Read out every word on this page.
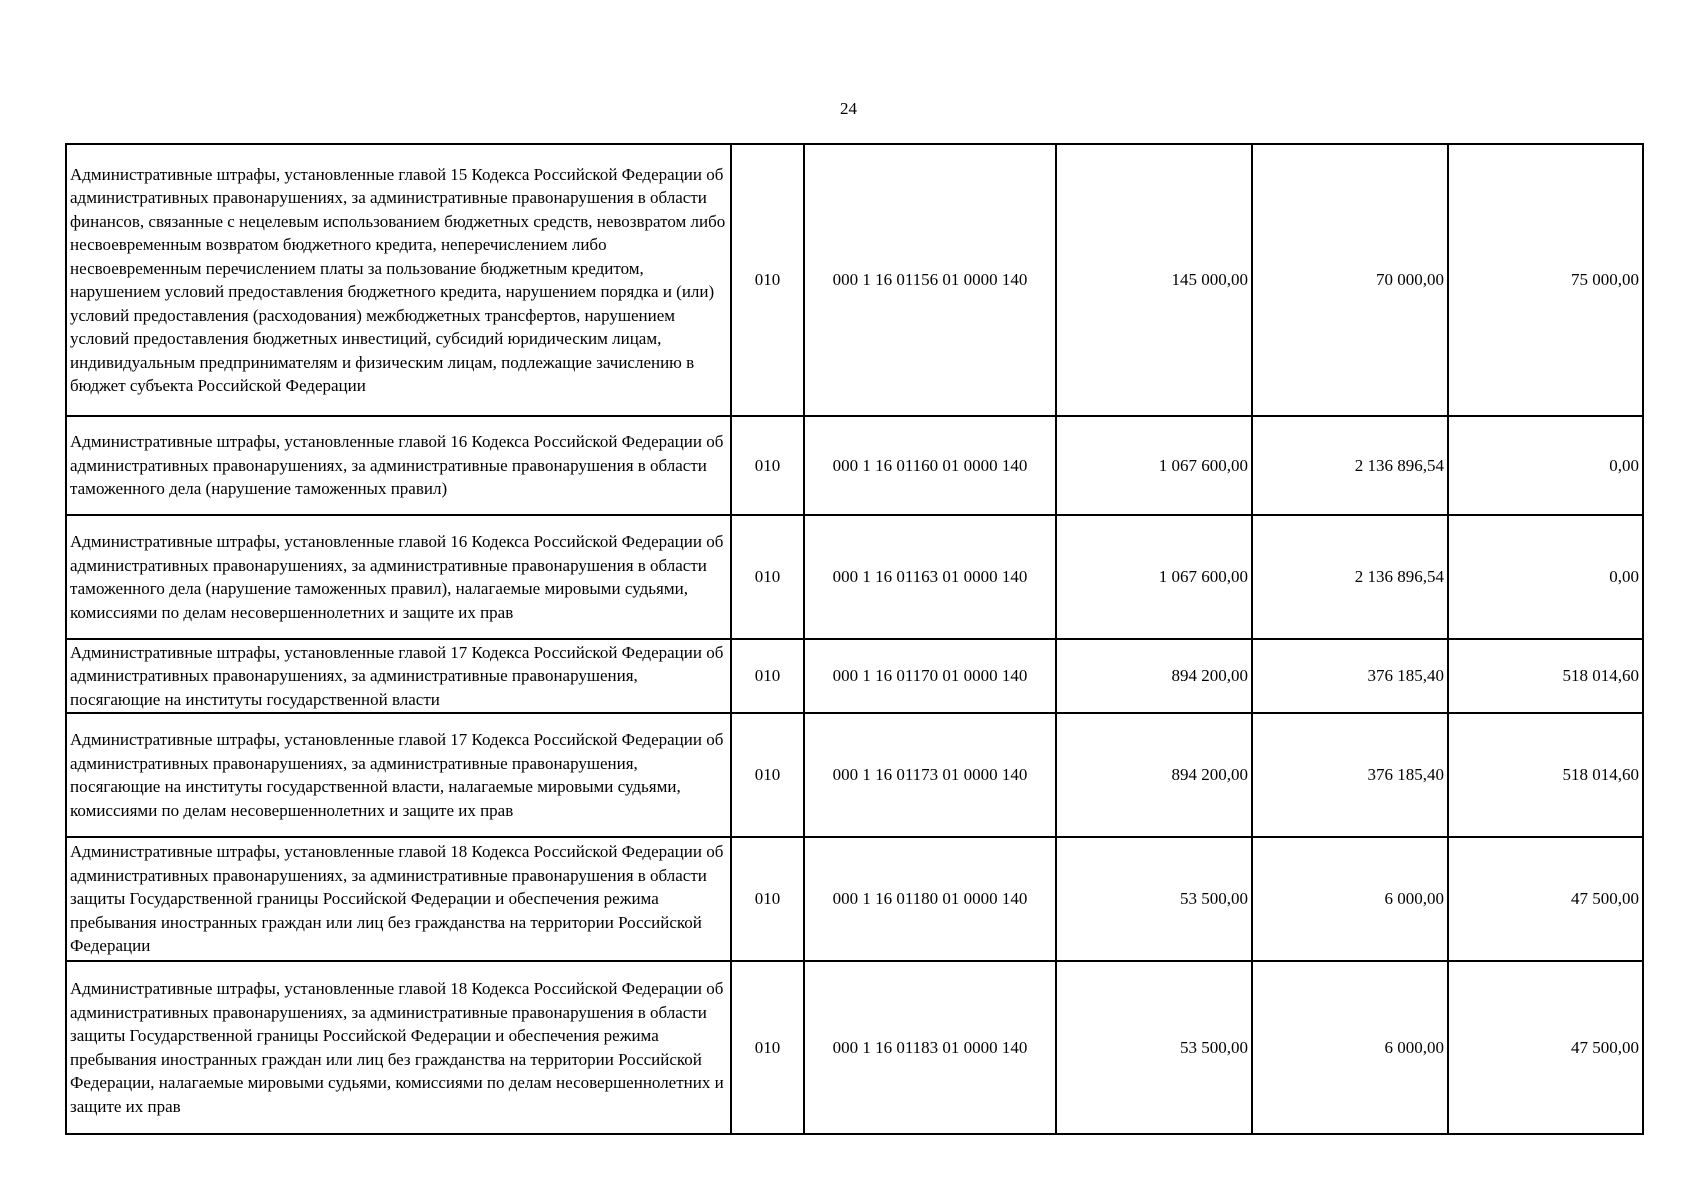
24
Административные штрафы, установленные главой 15 Кодекса Российской Федерации об административных правонарушениях, за административные правонарушения в области финансов, связанные с нецелевым использованием бюджетных средств, невозвратом либо несвоевременным возвратом бюджетного кредита, неперечислением либо несвоевременным перечислением платы за пользование бюджетным кредитом, нарушением условий предоставления бюджетного кредита, нарушением порядка и (или) условий предоставления (расходования) межбюджетных трансфертов, нарушением условий предоставления бюджетных инвестиций, субсидий юридическим лицам, индивидуальным предпринимателям и физическим лицам, подлежащие зачислению в бюджет субъекта Российской Федерации	010	000 1 16 01156 01 0000 140	145 000,00	70 000,00	75 000,00
Административные штрафы, установленные главой 16 Кодекса Российской Федерации об административных правонарушениях, за административные правонарушения в области таможенного дела (нарушение таможенных правил)	010	000 1 16 01160 01 0000 140	1 067 600,00	2 136 896,54	0,00
Административные штрафы, установленные главой 16 Кодекса Российской Федерации об административных правонарушениях, за административные правонарушения в области таможенного дела (нарушение таможенных правил), налагаемые мировыми судьями, комиссиями по делам несовершеннолетних и защите их прав	010	000 1 16 01163 01 0000 140	1 067 600,00	2 136 896,54	0,00
Административные штрафы, установленные главой 17 Кодекса Российской Федерации об административных правонарушениях, за административные правонарушения, посягающие на институты государственной власти	010	000 1 16 01170 01 0000 140	894 200,00	376 185,40	518 014,60
Административные штрафы, установленные главой 17 Кодекса Российской Федерации об административных правонарушениях, за административные правонарушения, посягающие на институты государственной власти, налагаемые мировыми судьями, комиссиями по делам несовершеннолетних и защите их прав	010	000 1 16 01173 01 0000 140	894 200,00	376 185,40	518 014,60
Административные штрафы, установленные главой 18 Кодекса Российской Федерации об административных правонарушениях, за административные правонарушения в области защиты Государственной границы Российской Федерации и обеспечения режима пребывания иностранных граждан или лиц без гражданства на территории Российской Федерации	010	000 1 16 01180 01 0000 140	53 500,00	6 000,00	47 500,00
Административные штрафы, установленные главой 18 Кодекса Российской Федерации об административных правонарушениях, за административные правонарушения в области защиты Государственной границы Российской Федерации и обеспечения режима пребывания иностранных граждан или лиц без гражданства на территории Российской Федерации, налагаемые мировыми судьями, комиссиями по делам несовершеннолетних и защите их прав	010	000 1 16 01183 01 0000 140	53 500,00	6 000,00	47 500,00
